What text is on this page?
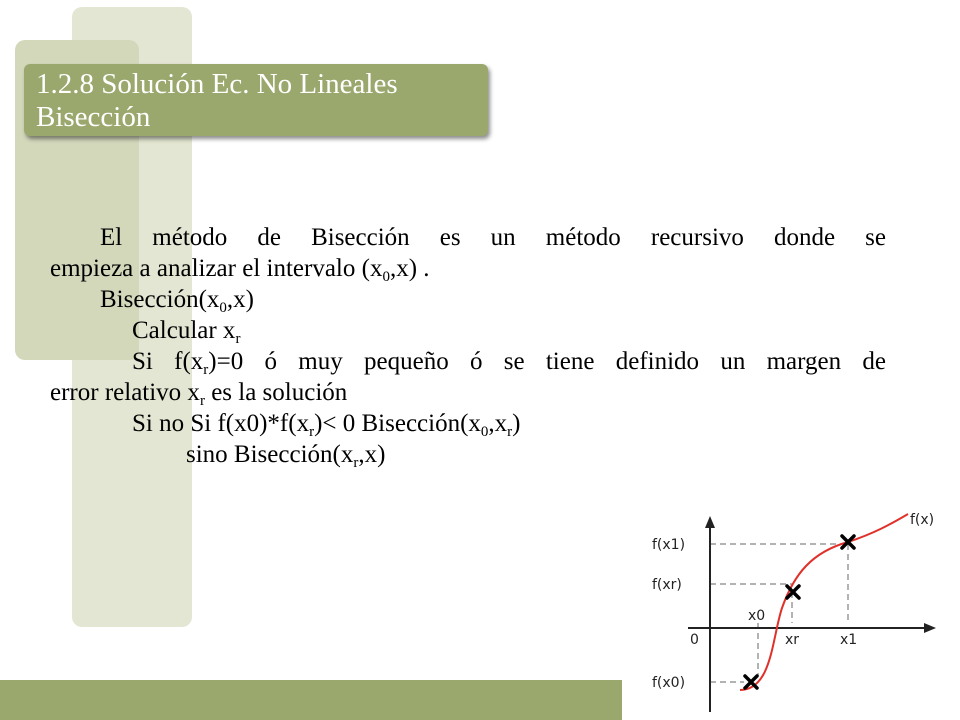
1.2.8 Solución Ec. No Lineales
Bisección
El método de Bisección es un método recursivo donde se
empieza a analizar el intervalo $(x_0,x)$ .
$Bisección(x_0,x)$
Calcular $x_r$
Si $f(x_r)=0$ ó muy pequeño ó se tiene definido un margen de
error relativo $x_r$ es la solución
Si no Si $f(x0)*f(x_r)< 0$ $Bisección(x_0,x_r)$
sino $Bisección(x_r,x)$
f(x)
f(x1)
f(xr)
f(x0)
x0
xr	x1
0
